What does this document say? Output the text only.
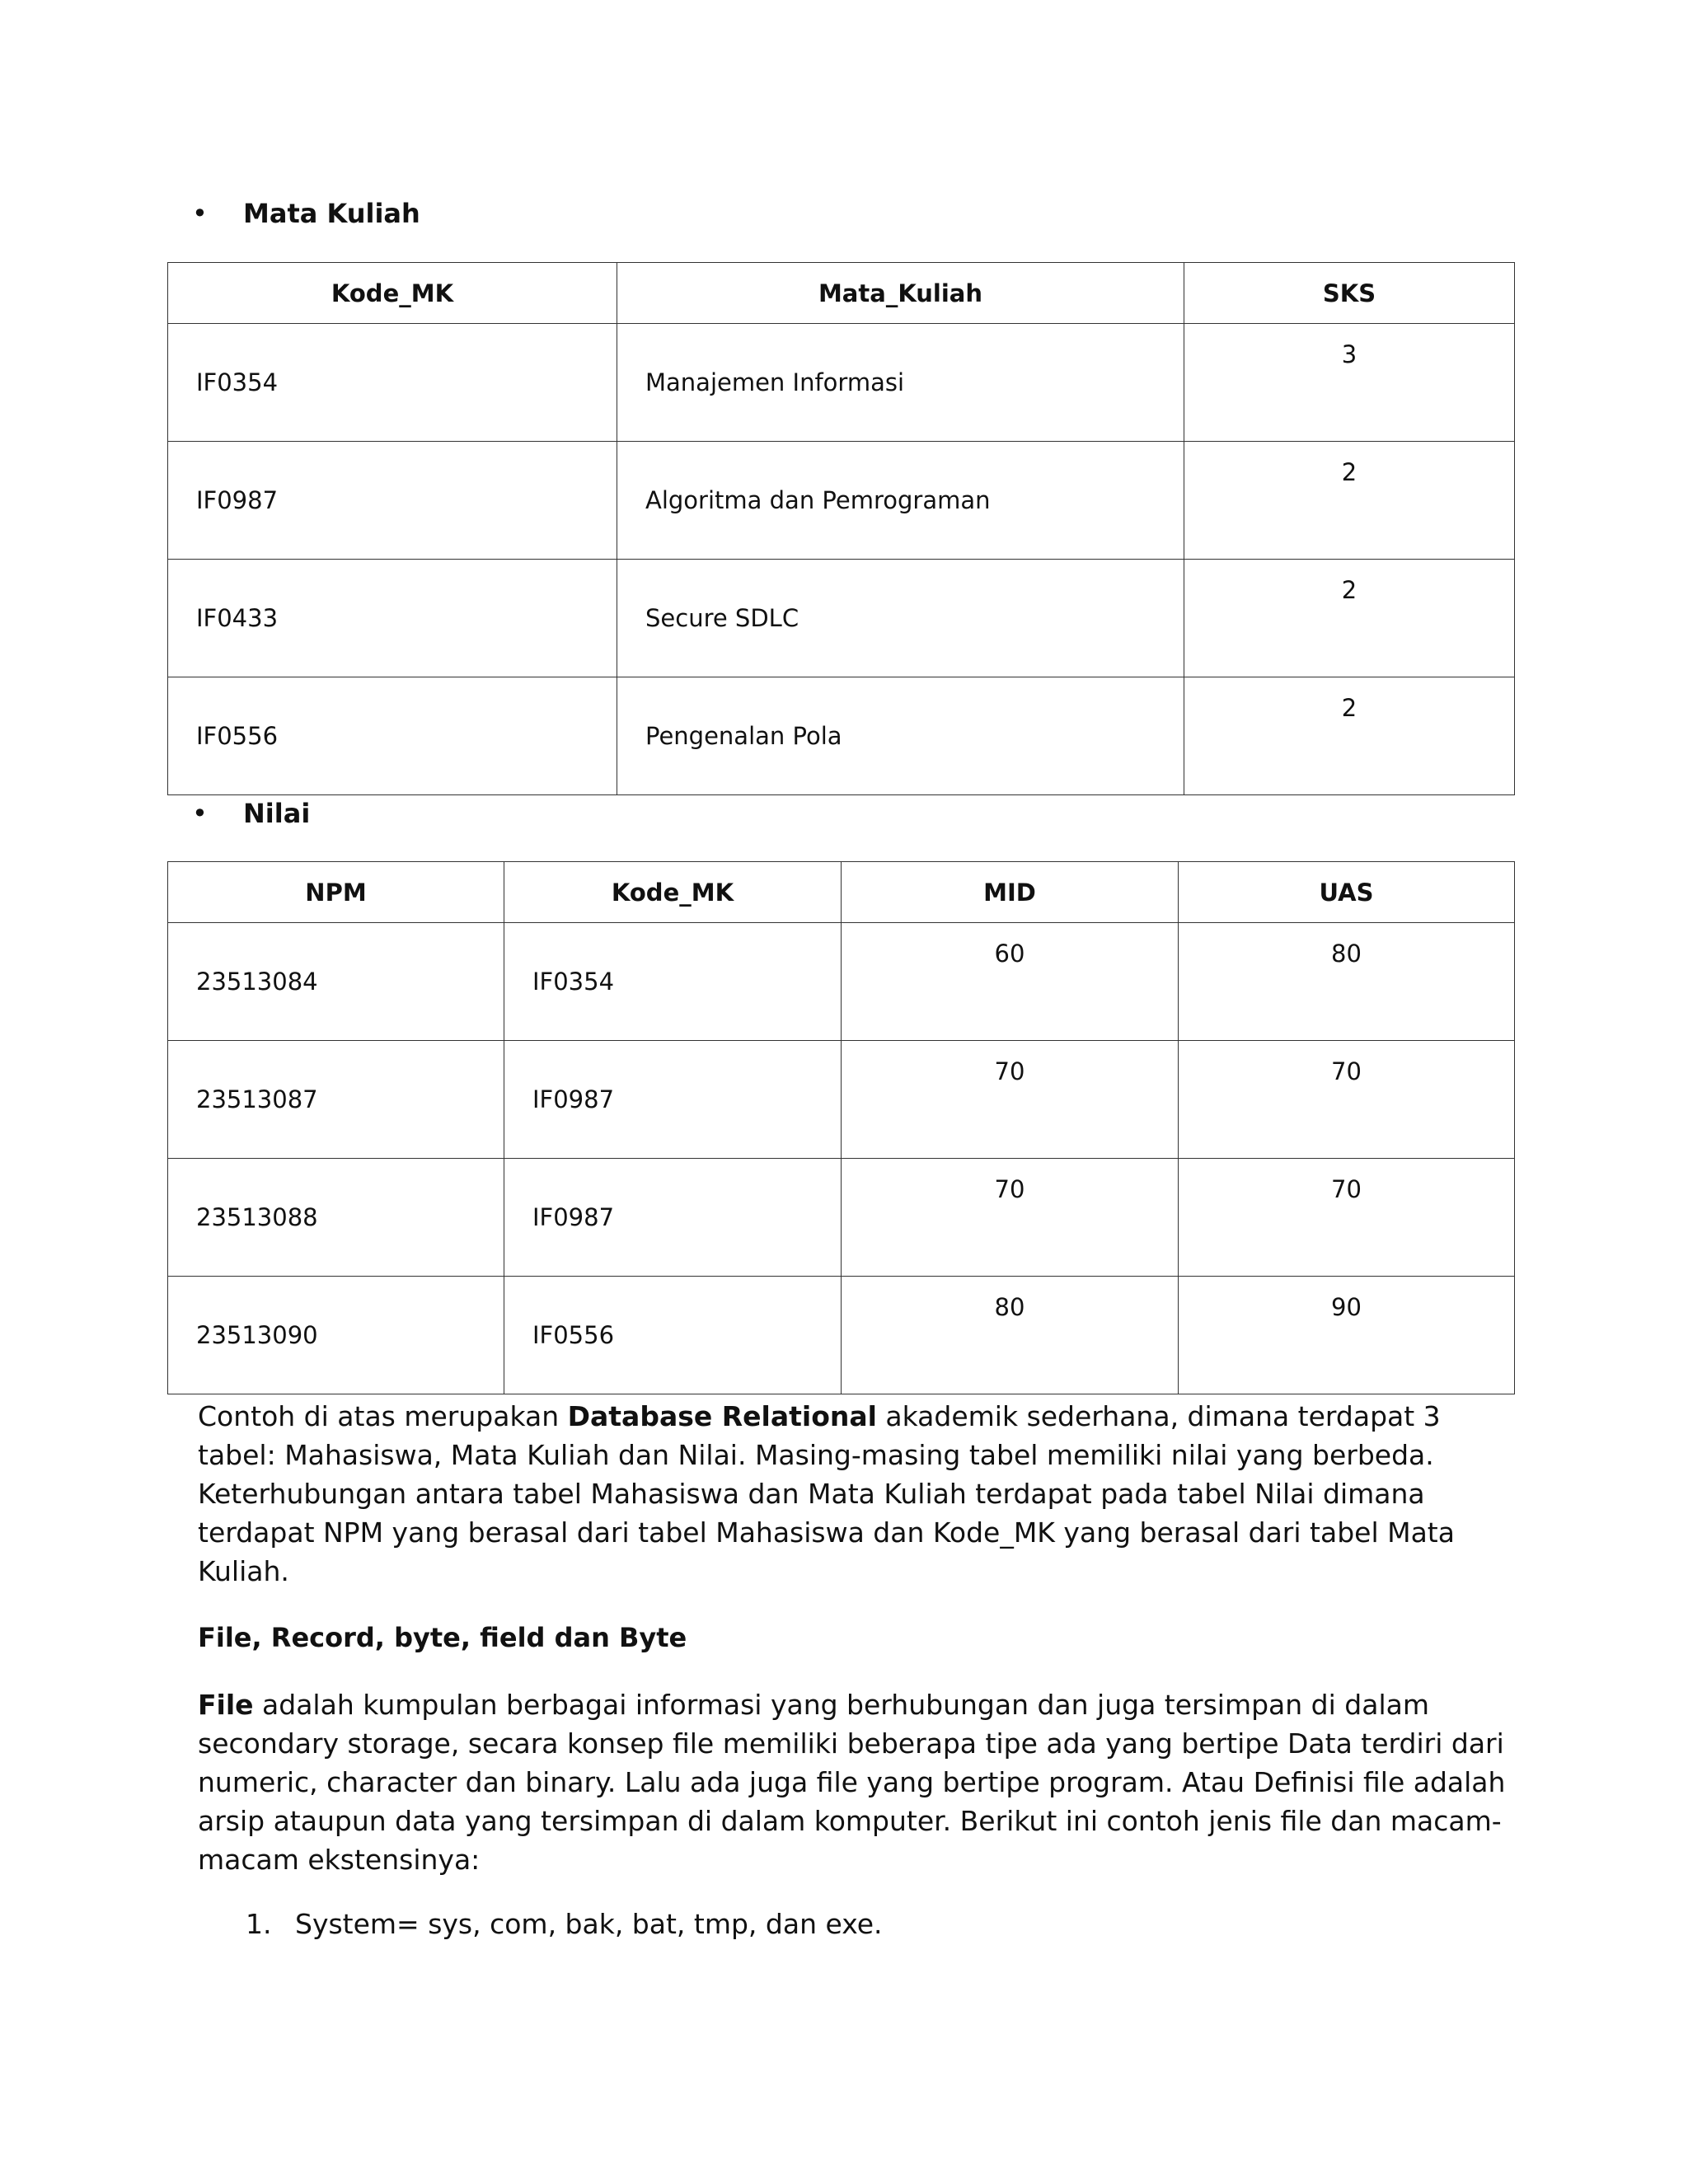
• Mata Kuliah
Kode_MK	Mata_Kuliah	SKS
IF0354	Manajemen Informasi	3
IF0987	Algoritma dan Pemrograman	2
IF0433	Secure SDLC	2
IF0556	Pengenalan Pola	2
• Nilai
NPM	Kode_MK	MID	UAS
23513084	IF0354	60	80
23513087	IF0987	70	70
23513088	IF0987	70	70
23513090	IF0556	80	90

Contoh di atas merupakan Database Relational akademik sederhana, dimana terdapat 3 tabel: Mahasiswa, Mata Kuliah dan Nilai. Masing-masing tabel memiliki nilai yang berbeda. Keterhubungan antara tabel Mahasiswa dan Mata Kuliah terdapat pada tabel Nilai dimana terdapat NPM yang berasal dari tabel Mahasiswa dan Kode_MK yang berasal dari tabel Mata Kuliah.

File, Record, byte, field dan Byte

File adalah kumpulan berbagai informasi yang berhubungan dan juga tersimpan di dalam secondary storage, secara konsep file memiliki beberapa tipe ada yang bertipe Data terdiri dari numeric, character dan binary. Lalu ada juga file yang bertipe program. Atau Definisi file adalah arsip ataupun data yang tersimpan di dalam komputer. Berikut ini contoh jenis file dan macam-macam ekstensinya:

1. System= sys, com, bak, bat, tmp, dan exe.
